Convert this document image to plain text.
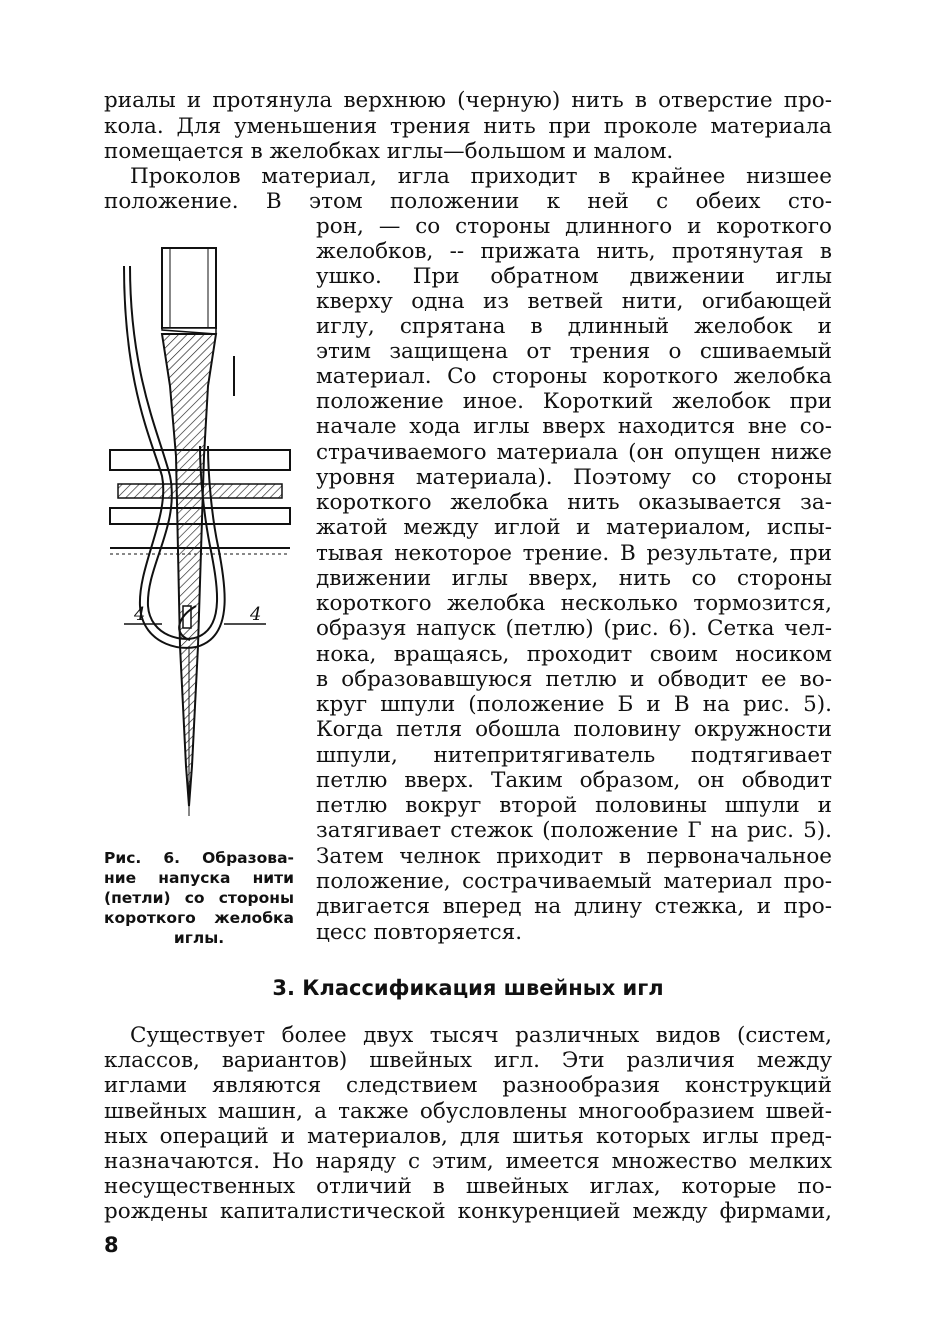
риалы и протянула верхнюю (черную) нить в отверстие про-
кола. Для уменьшения трения нить при проколе материала
помещается в желобках иглы—большом и малом.
Проколов материал, игла приходит в крайнее низшее
положение. В этом положении к ней с обеих сто-
рон, — со стороны длинного и короткого
желобков, -- прижата нить, протянутая в
ушко. При обратном движении иглы
кверху одна из ветвей нити, огибающей
иглу, спрятана в длинный желобок и
этим защищена от трения о сшиваемый
материал. Со стороны короткого желобка
положение иное. Короткий желобок при
начале хода иглы вверх находится вне со-
страчиваемого материала (он опущен ниже
уровня материала). Поэтому со стороны
короткого желобка нить оказывается за-
жатой между иглой и материалом, испы-
тывая некоторое трение. В результате, при
движении иглы вверх, нить со стороны
короткого желобка несколько тормозится,
образуя напуск (петлю) (рис. 6). Сетка чел-
нока, вращаясь, проходит своим носиком
в образовавшуюся петлю и обводит ее во-
круг шпули (положение Б и В на рис. 5).
Когда петля обошла половину окружности
шпули, нитепритягиватель подтягивает
петлю вверх. Таким образом, он обводит
петлю вокруг второй половины шпули и
затягивает стежок (положение Г на рис. 5).
Затем челнок приходит в первоначальное
положение, сострачиваемый материал про-
двигается вперед на длину стежка, и про-
цесс повторяется.
4	4
Рис. 6. Образова-
ние напуска нити
(петли) со стороны
короткого желобка
иглы.
3. Классификация швейных игл
Существует более двух тысяч различных видов (систем,
классов, вариантов) швейных игл. Эти различия между
иглами являются следствием разнообразия конструкций
швейных машин, а также обусловлены многообразием швей-
ных операций и материалов, для шитья которых иглы пред-
назначаются. Но наряду с этим, имеется множество мелких
несущественных отличий в швейных иглах, которые по-
рождены капиталистической конкуренцией между фирмами,
8
